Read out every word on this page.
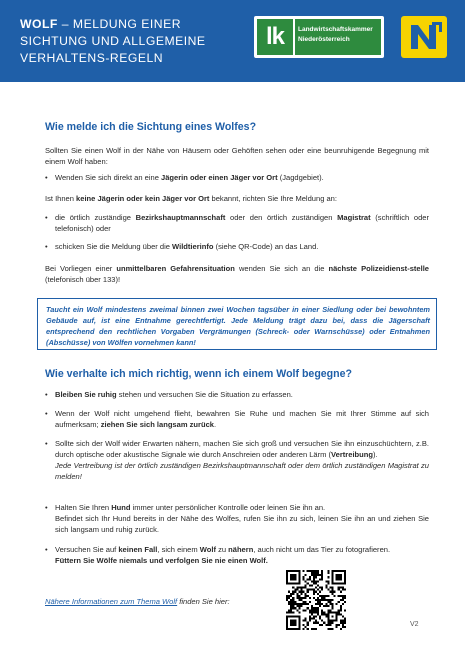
WOLF – MELDUNG EINER SICHTUNG UND ALLGEMEINE VERHALTENS-REGELN
lk	Landwirtschaftskammer
Niederösterreich
Wie melde ich die Sichtung eines Wolfes?
Sollten Sie einen Wolf in der Nähe von Häusern oder Gehöften sehen oder eine beunruhigende Begegnung mit einem Wolf haben:
• Wenden Sie sich direkt an eine Jägerin oder einen Jäger vor Ort (Jagdgebiet).
Ist Ihnen keine Jägerin oder kein Jäger vor Ort bekannt, richten Sie Ihre Meldung an:
• die örtlich zuständige Bezirkshauptmannschaft oder den örtlich zuständigen Magistrat (schriftlich oder telefonisch) oder
• schicken Sie die Meldung über die Wildtierinfo (siehe QR-Code) an das Land.
Bei Vorliegen einer unmittelbaren Gefahrensituation wenden Sie sich an die nächste Polizeidienst-stelle (telefonisch über 133)!
Taucht ein Wolf mindestens zweimal binnen zwei Wochen tagsüber in einer Siedlung oder bei bewohntem Gebäude auf, ist eine Entnahme gerechtfertigt. Jede Meldung trägt dazu bei, dass die Jägerschaft entsprechend den rechtlichen Vorgaben Vergrämungen (Schreck- oder Warnschüsse) oder Entnahmen (Abschüsse) von Wölfen vornehmen kann!
Wie verhalte ich mich richtig, wenn ich einem Wolf begegne?
• Bleiben Sie ruhig stehen und versuchen Sie die Situation zu erfassen.
• Wenn der Wolf nicht umgehend flieht, bewahren Sie Ruhe und machen Sie mit Ihrer Stimme auf sich aufmerksam; ziehen Sie sich langsam zurück.
• Sollte sich der Wolf wider Erwarten nähern, machen Sie sich groß und versuchen Sie ihn einzuschüchtern, z.B. durch optische oder akustische Signale wie durch Anschreien oder anderen Lärm (Vertreibung).
Jede Vertreibung ist der örtlich zuständigen Bezirkshauptmannschaft oder dem örtlich zuständigen Magistrat zu melden!
• Halten Sie Ihren Hund immer unter persönlicher Kontrolle oder leinen Sie ihn an.
Befindet sich Ihr Hund bereits in der Nähe des Wolfes, rufen Sie ihn zu sich, leinen Sie ihn an und ziehen Sie sich langsam und ruhig zurück.
• Versuchen Sie auf keinen Fall, sich einem Wolf zu nähern, auch nicht um das Tier zu fotografieren.
Füttern Sie Wölfe niemals und verfolgen Sie nie einen Wolf.
Nähere Informationen zum Thema Wolf finden Sie hier:
V2
